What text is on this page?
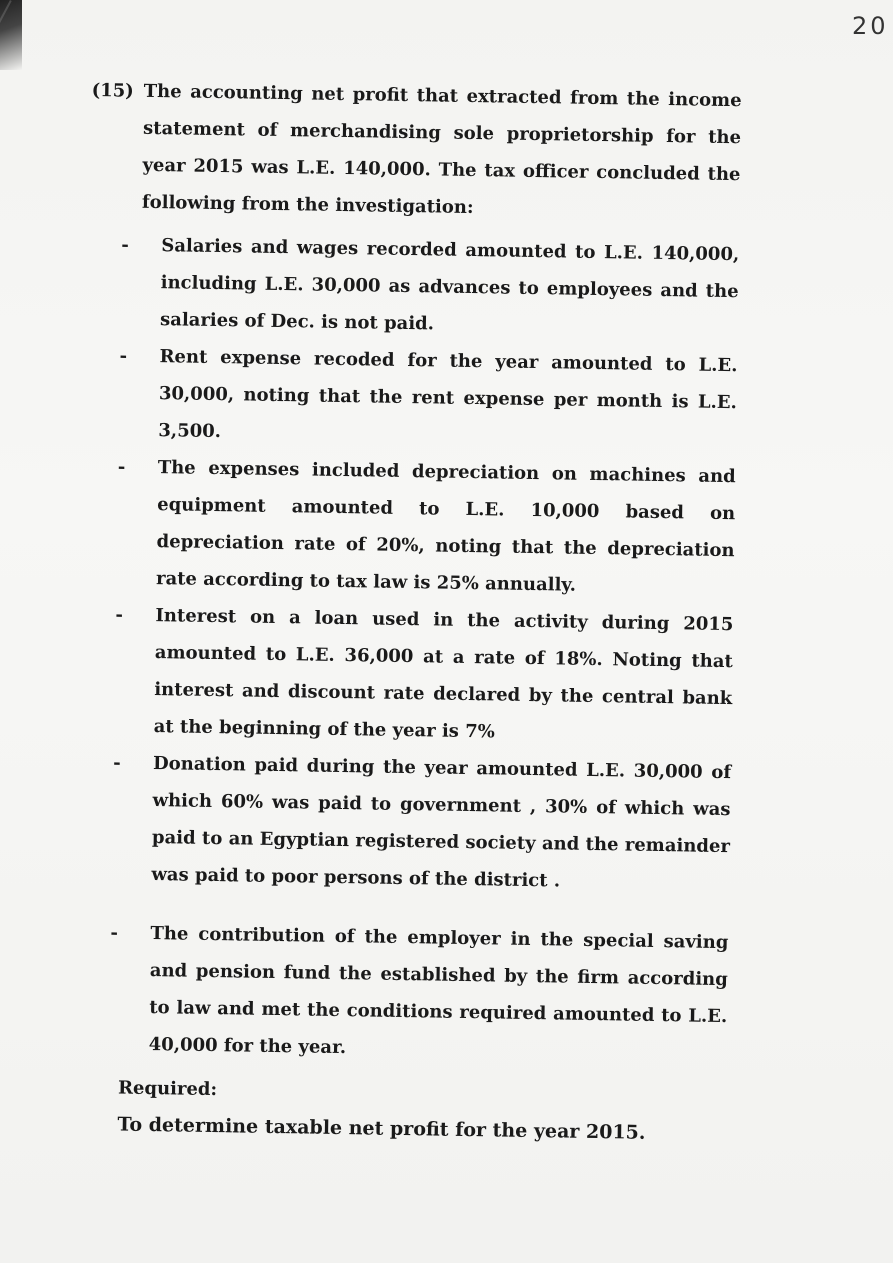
20

(15) The accounting net profit that extracted from the income statement of merchandising sole proprietorship for the year 2015 was L.E. 140,000. The tax officer concluded the following from the investigation:

- Salaries and wages recorded amounted to L.E. 140,000, including L.E. 30,000 as advances to employees and the salaries of Dec. is not paid.
- Rent expense recoded for the year amounted to L.E. 30,000, noting that the rent expense per month is L.E. 3,500.
- The expenses included depreciation on machines and equipment amounted to L.E. 10,000 based on depreciation rate of 20%, noting that the depreciation rate according to tax law is 25% annually.
- Interest on a loan used in the activity during 2015 amounted to L.E. 36,000 at a rate of 18%. Noting that interest and discount rate declared by the central bank at the beginning of the year is 7%
- Donation paid during the year amounted L.E. 30,000 of which 60% was paid to government , 30% of which was paid to an Egyptian registered society and the remainder was paid to poor persons of the district .
- The contribution of the employer in the special saving and pension fund the established by the firm according to law and met the conditions required amounted to L.E. 40,000 for the year.
Required:
To determine taxable net profit for the year 2015.
